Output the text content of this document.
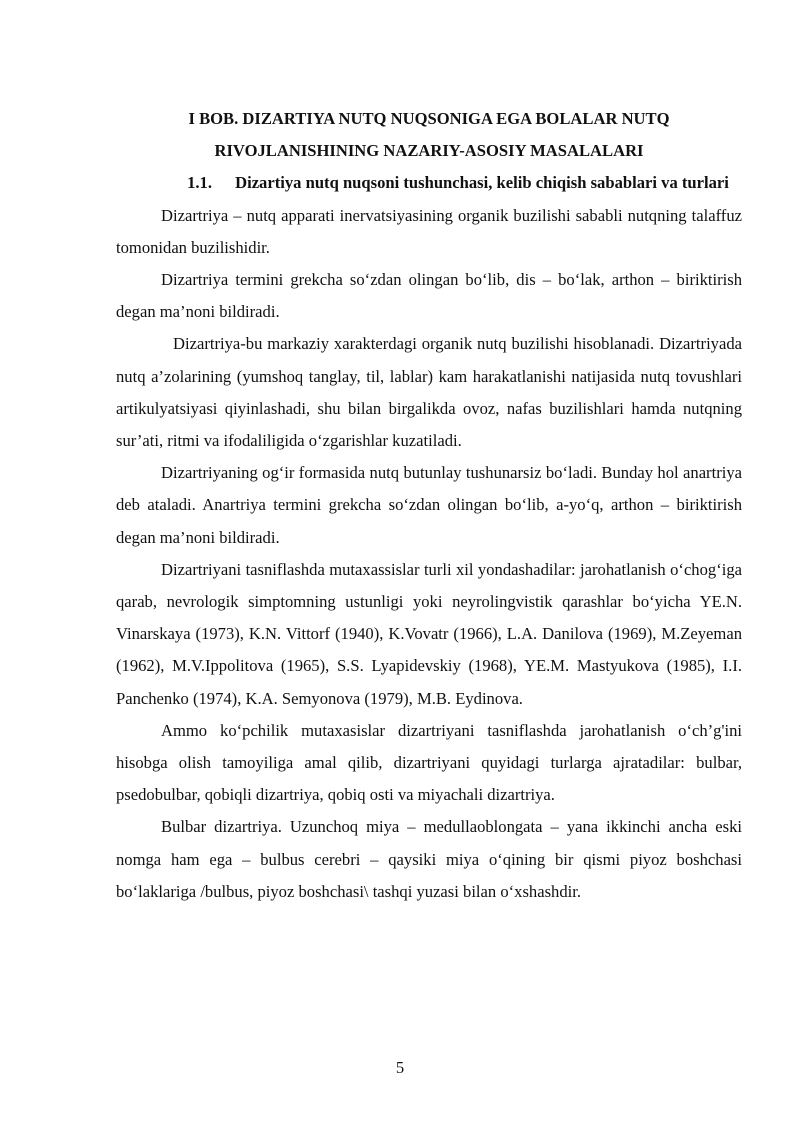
I BOB. DIZARTIYA NUTQ NUQSONIGA EGA BOLALAR NUTQ

RIVOJLANISHINING NAZARIY-ASOSIY MASALALARI

1.1. Dizartiya nutq nuqsoni tushunchasi, kelib chiqish sabablari va turlari

Dizartriya – nutq apparati inervatsiyasining organik buzilishi sababli nutqning talaffuz tomonidan buzilishidir.

Dizartriya termini grekcha so‘zdan olingan bo‘lib, dis – bo‘lak, arthon – biriktirish degan ma’noni bildiradi.

Dizartriya-bu markaziy xarakterdagi organik nutq buzilishi hisoblanadi. Dizartriyada nutq a’zolarining (yumshoq tanglay, til, lablar) kam harakatlanishi natijasida nutq tovushlari artikulyatsiyasi qiyinlashadi, shu bilan birgalikda ovoz, nafas buzilishlari hamda nutqning sur’ati, ritmi va ifodaliligida o‘zgarishlar kuzatiladi.

Dizartriyaning og‘ir formasida nutq butunlay tushunarsiz bo‘ladi. Bunday hol anartriya deb ataladi. Anartriya termini grekcha so‘zdan olingan bo‘lib, a-yo‘q, arthon – biriktirish degan ma’noni bildiradi.

Dizartriyani tasniflashda mutaxassislar turli xil yondashadilar: jarohatlanish o‘chog‘iga qarab, nevrologik simptomning ustunligi yoki neyrolingvistik qarashlar bo‘yicha YE.N. Vinarskaya (1973), K.N. Vittorf (1940), K.Vovatr (1966), L.A. Danilova (1969), M.Zeyeman (1962), M.V.Ippolitova (1965), S.S. Lyapidevskiy (1968), YE.M. Mastyukova (1985), I.I. Panchenko (1974), K.A. Semyonova (1979), M.B. Eydinova.

Ammo ko‘pchilik mutaxasislar dizartriyani tasniflashda jarohatlanish o‘ch’g'ini hisobga olish tamoyiliga amal qilib, dizartriyani quyidagi turlarga ajratadilar: bulbar, psedobulbar, qobiqli dizartriya, qobiq osti va miyachali dizartriya.

Bulbar dizartriya. Uzunchoq miya – medullaoblongata – yana ikkinchi ancha eski nomga ham ega – bulbus cerebri – qaysiki miya o‘qining bir qismi piyoz boshchasi bo‘laklariga /bulbus, piyoz boshchasi\ tashqi yuzasi bilan o‘xshashdir.

5
